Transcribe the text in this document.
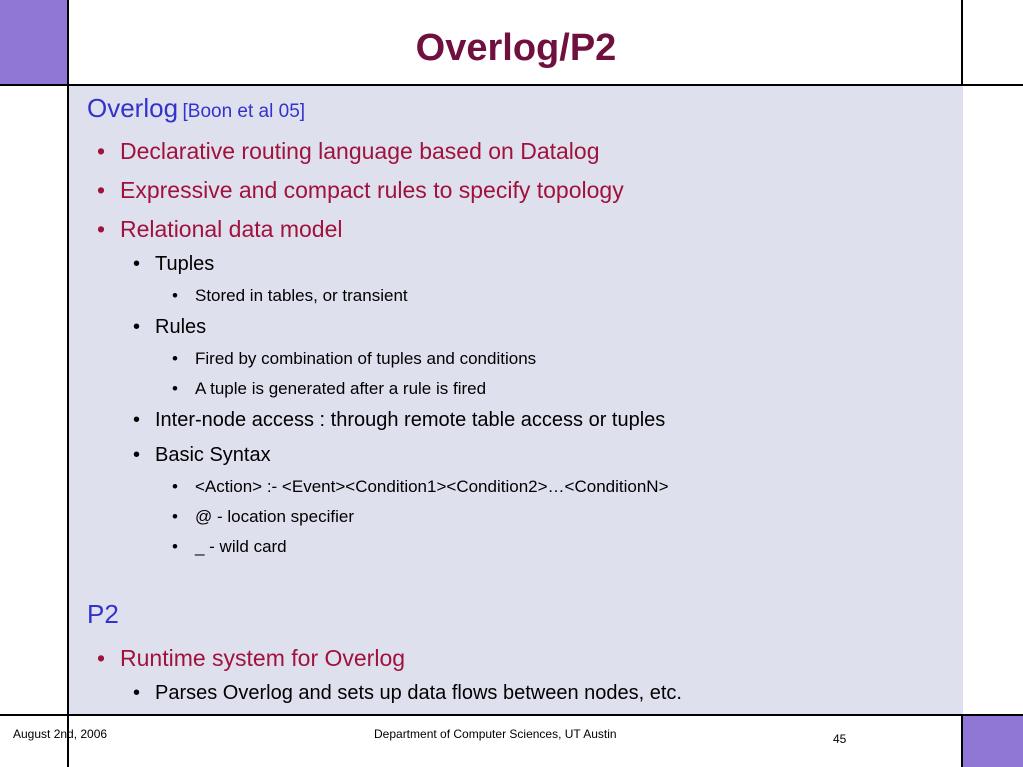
Overlog/P2
Overlog [Boon et al 05]
• Declarative routing language based on Datalog
• Expressive and compact rules to specify topology
• Relational data model
• Tuples
• Stored in tables, or transient
• Rules
• Fired by combination of tuples and conditions
• A tuple is generated after a rule is fired
• Inter-node access : through remote table access or tuples
• Basic Syntax
• <Action> :- <Event><Condition1><Condition2>…<ConditionN>
• @ - location specifier
• _ - wild card
P2
• Runtime system for Overlog
• Parses Overlog and sets up data flows between nodes, etc.
August 2nd, 2006	Department of Computer Sciences, UT Austin	45
